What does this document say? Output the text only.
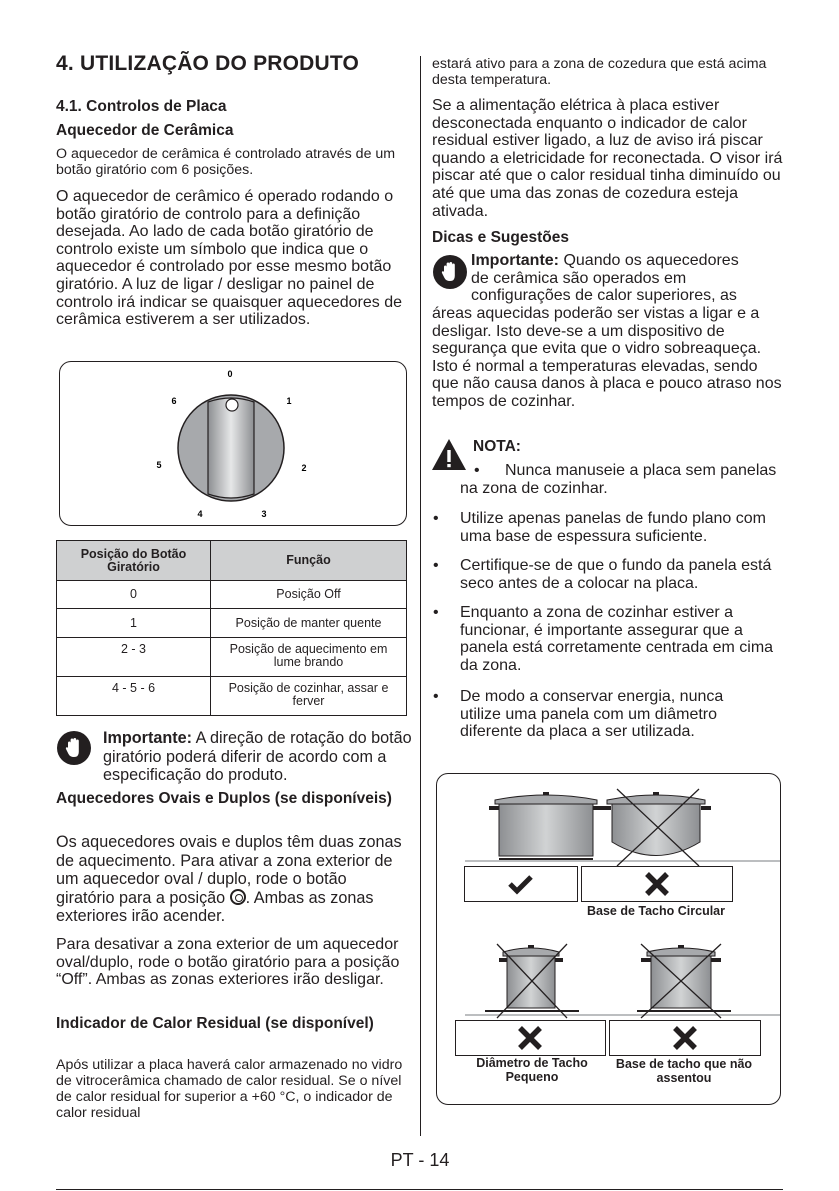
4. UTILIZAÇÃO DO PRODUTO
4.1. Controlos de Placa
Aquecedor de Cerâmica
O aquecedor de cerâmica é controlado através de um botão giratório com 6 posições.
O aquecedor de cerâmico é operado rodando o botão giratório de controlo para a definição desejada. Ao lado de cada botão giratório de controlo existe um símbolo que indica que o aquecedor é controlado por esse mesmo botão giratório. A luz de ligar / desligar no painel de controlo irá indicar se quaisquer aquecedores de cerâmica estiverem a ser utilizados.
0
1
2
3
4
5
6
Posição do Botão Giratório	Função
0	Posição Off
1	Posição de manter quente
2 - 3	Posição de aquecimento em lume brando
4 - 5 - 6	Posição de cozinhar, assar e ferver
Importante: A direção de rotação do botão giratório poderá diferir de acordo com a especificação do produto.
Aquecedores Ovais e Duplos (se disponíveis)
Os aquecedores ovais e duplos têm duas zonas de aquecimento. Para ativar a zona exterior de um aquecedor oval / duplo, rode o botão giratório para a posição
. Ambas as zonas exteriores irão acender.
Para desativar a zona exterior de um aquecedor oval/duplo, rode o botão giratório para a posição “Off”. Ambas as zonas exteriores irão desligar.
Indicador de Calor Residual (se disponível)
Após utilizar a placa haverá calor armazenado no vidro de vitrocerâmica chamado de calor residual. Se o nível de calor residual for superior a +60 °C, o indicador de calor residual
estará ativo para a zona de cozedura que está acima desta temperatura.
Se a alimentação elétrica à placa estiver desconectada enquanto o indicador de calor residual estiver ligado, a luz de aviso irá piscar quando a eletricidade for reconectada. O visor irá piscar até que o calor residual tinha diminuído ou até que uma das zonas de cozedura esteja ativada.
Dicas e Sugestões
Importante: Quando os aquecedores
de cerâmica são operados em
configurações de calor superiores, as
áreas aquecidas poderão ser vistas a ligar e a desligar. Isto deve-se a um dispositivo de segurança que evita que o vidro sobreaqueça. Isto é normal a temperaturas elevadas, sendo que não causa danos à placa e pouco atraso nos tempos de cozinhar.
NOTA:
•	Nunca manuseie a placa sem panelas na zona de cozinhar.
• Utilize apenas panelas de fundo plano com uma base de espessura suficiente.
• Certifique-se de que o fundo da panela está seco antes de a colocar na placa.
• Enquanto a zona de cozinhar estiver a funcionar, é importante assegurar que a panela está corretamente centrada em cima da zona.
• De modo a conservar energia, nunca utilize uma panela com um diâmetro diferente da placa a ser utilizada.
Base de Tacho Circular
Diâmetro de Tacho Pequeno
Base de tacho que não assentou
PT - 14
